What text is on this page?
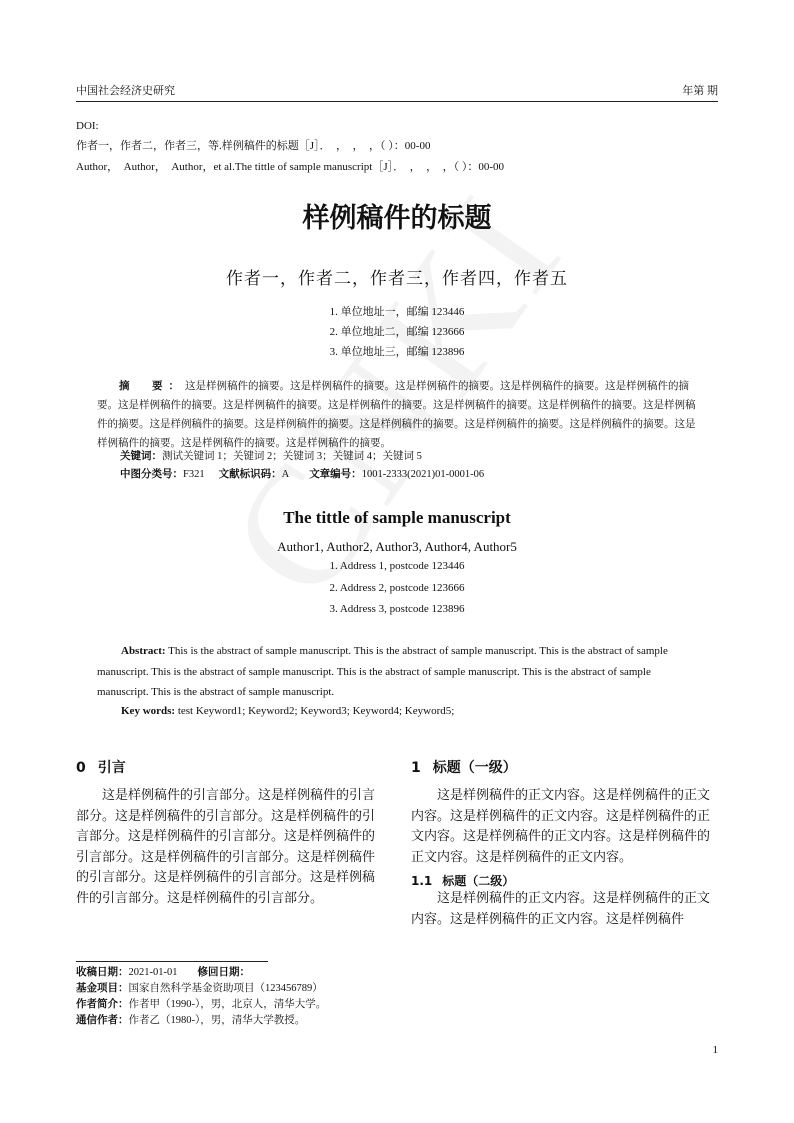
中国社会经济史研究	年第 期
DOI:
作者一，作者二，作者三，等.样例稿件的标题［J］．　，　，　，（ ）：00-00
Author，　Author，　Author，et al.The tittle of sample manuscript［J］．　，　，　，（ ）：00-00
样例稿件的标题
作者一，作者二，作者三，作者四，作者五
1. 单位地址一，邮编 123446
2. 单位地址二，邮编 123666
3. 单位地址三，邮编 123896
摘　要：这是样例稿件的摘要。这是样例稿件的摘要。这是样例稿件的摘要。这是样例稿件的摘要。这是样例稿件的摘要。这是样例稿件的摘要。这是样例稿件的摘要。这是样例稿件的摘要。这是样例稿件的摘要。这是样例稿件的摘要。这是样例稿件的摘要。这是样例稿件的摘要。这是样例稿件的摘要。这是样例稿件的摘要。这是样例稿件的摘要。这是样例稿件的摘要。这是样例稿件的摘要。这是样例稿件的摘要。这是样例稿件的摘要。
关键词：测试关键词 1；关键词 2；关键词 3；关键词 4；关键词 5
中图分类号：F321 文献标识码：A 文章编号：1001-2333(2021)01-0001-06
The tittle of sample manuscript
Author1, Author2, Author3, Author4, Author5
1. Address 1, postcode 123446
2. Address 2, postcode 123666
3. Address 3, postcode 123896
Abstract: This is the abstract of sample manuscript. This is the abstract of sample manuscript. This is the abstract of sample manuscript. This is the abstract of sample manuscript. This is the abstract of sample manuscript. This is the abstract of sample manuscript. This is the abstract of sample manuscript.
Key words: test Keyword1; Keyword2; Keyword3; Keyword4; Keyword5;
0 引言
这是样例稿件的引言部分。这是样例稿件的引言部分。这是样例稿件的引言部分。这是样例稿件的引言部分。这是样例稿件的引言部分。这是样例稿件的引言部分。这是样例稿件的引言部分。这是样例稿件的引言部分。这是样例稿件的引言部分。这是样例稿件的引言部分。这是样例稿件的引言部分。
1 标题（一级）
这是样例稿件的正文内容。这是样例稿件的正文内容。这是样例稿件的正文内容。这是样例稿件的正文内容。这是样例稿件的正文内容。这是样例稿件的正文内容。这是样例稿件的正文内容。
1.1 标题（二级）
这是样例稿件的正文内容。这是样例稿件的正文内容。这是样例稿件的正文内容。这是样例稿件
收稿日期：2021-01-01 修回日期：
基金项目：国家自然科学基金资助项目（123456789）
作者简介：作者甲（1990-），男，北京人，清华大学。
通信作者：作者乙（1980-），男，清华大学教授。
1
